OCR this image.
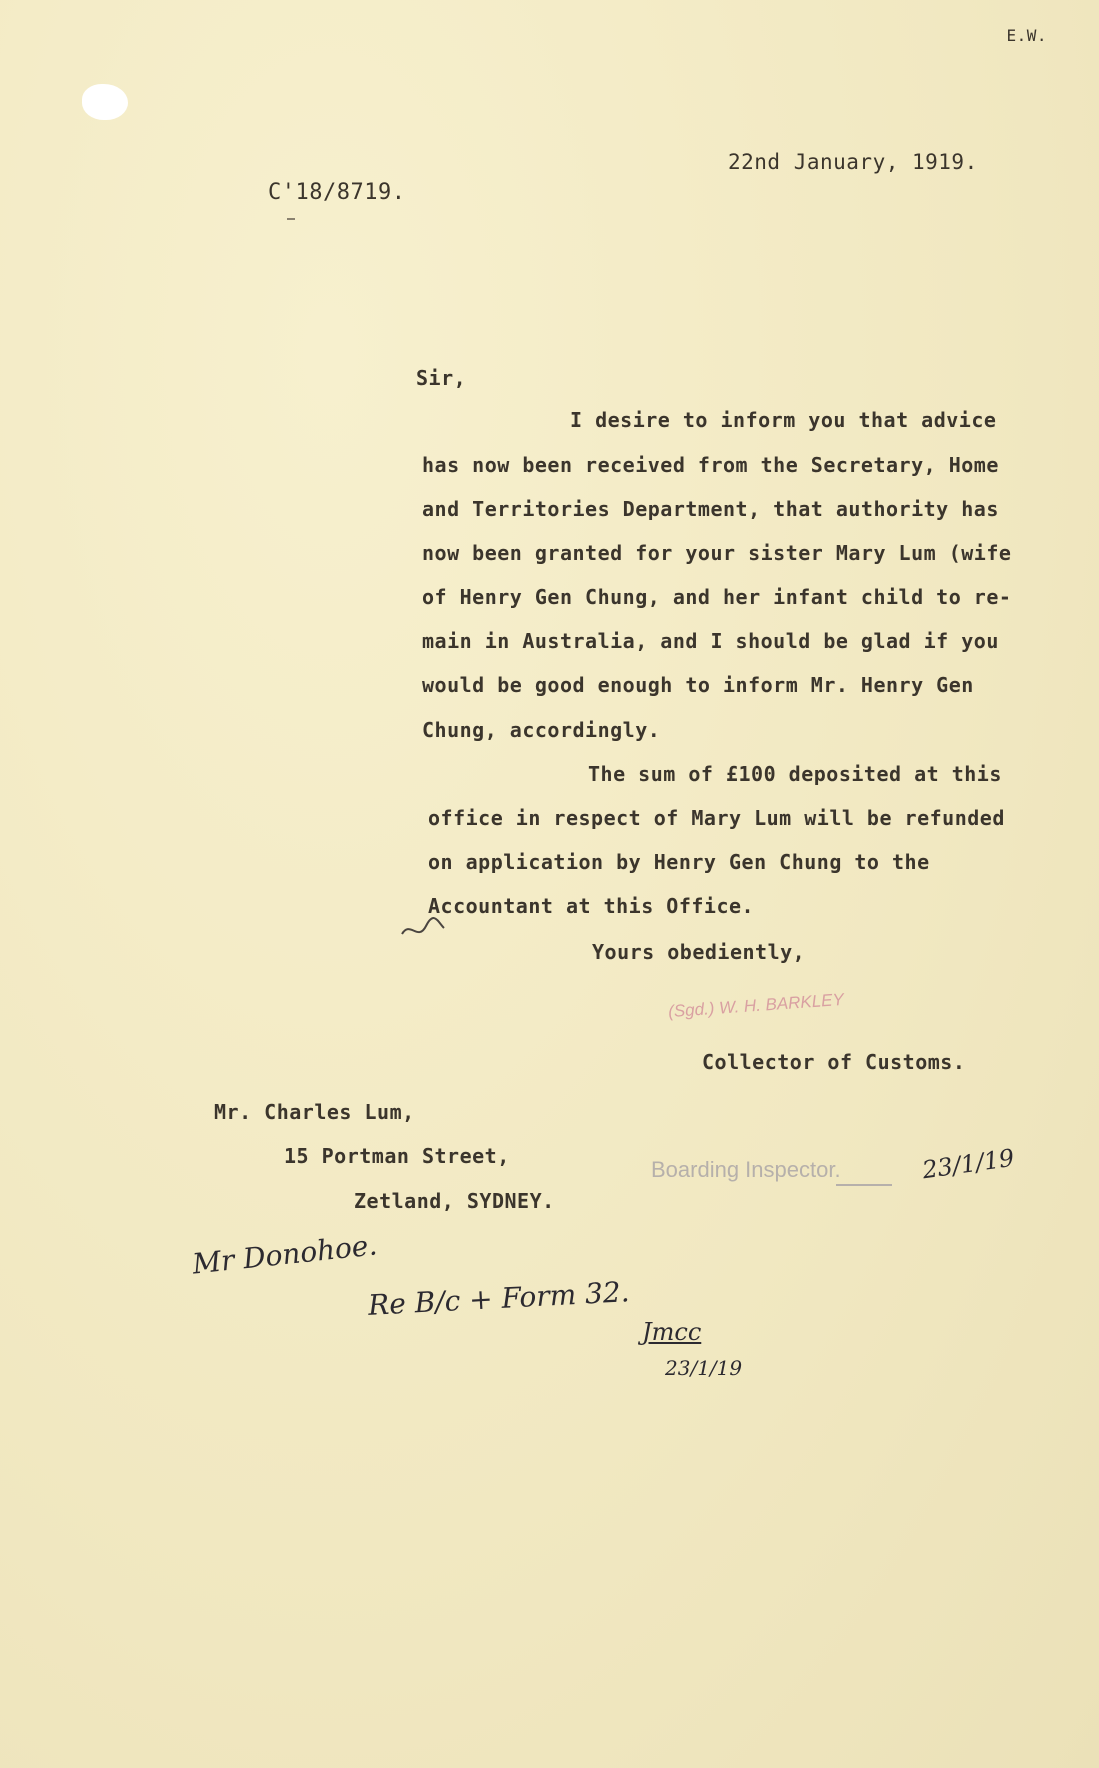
E.W.
22nd January, 1919.
C'18/8719.
Sir,
I desire to inform you that advice
has now been received from the Secretary, Home
and Territories Department, that authority has
now been granted for your sister Mary Lum (wife
of Henry Gen Chung, and her infant child to re-
main in Australia, and I should be glad if you
would be good enough to inform Mr. Henry Gen
Chung, accordingly.
The sum of £100 deposited at this
office in respect of Mary Lum will be refunded
on application by Henry Gen Chung to the
Accountant at this Office.
Yours obediently,
(Sgd.) W. H. BARKLEY
Collector of Customs.
Mr. Charles Lum,
15 Portman Street,
Zetland, SYDNEY.
Boarding Inspector.	23/1/19
Mr Donohoe.
Re B/c + Form 32.
Jmcc
23/1/19
